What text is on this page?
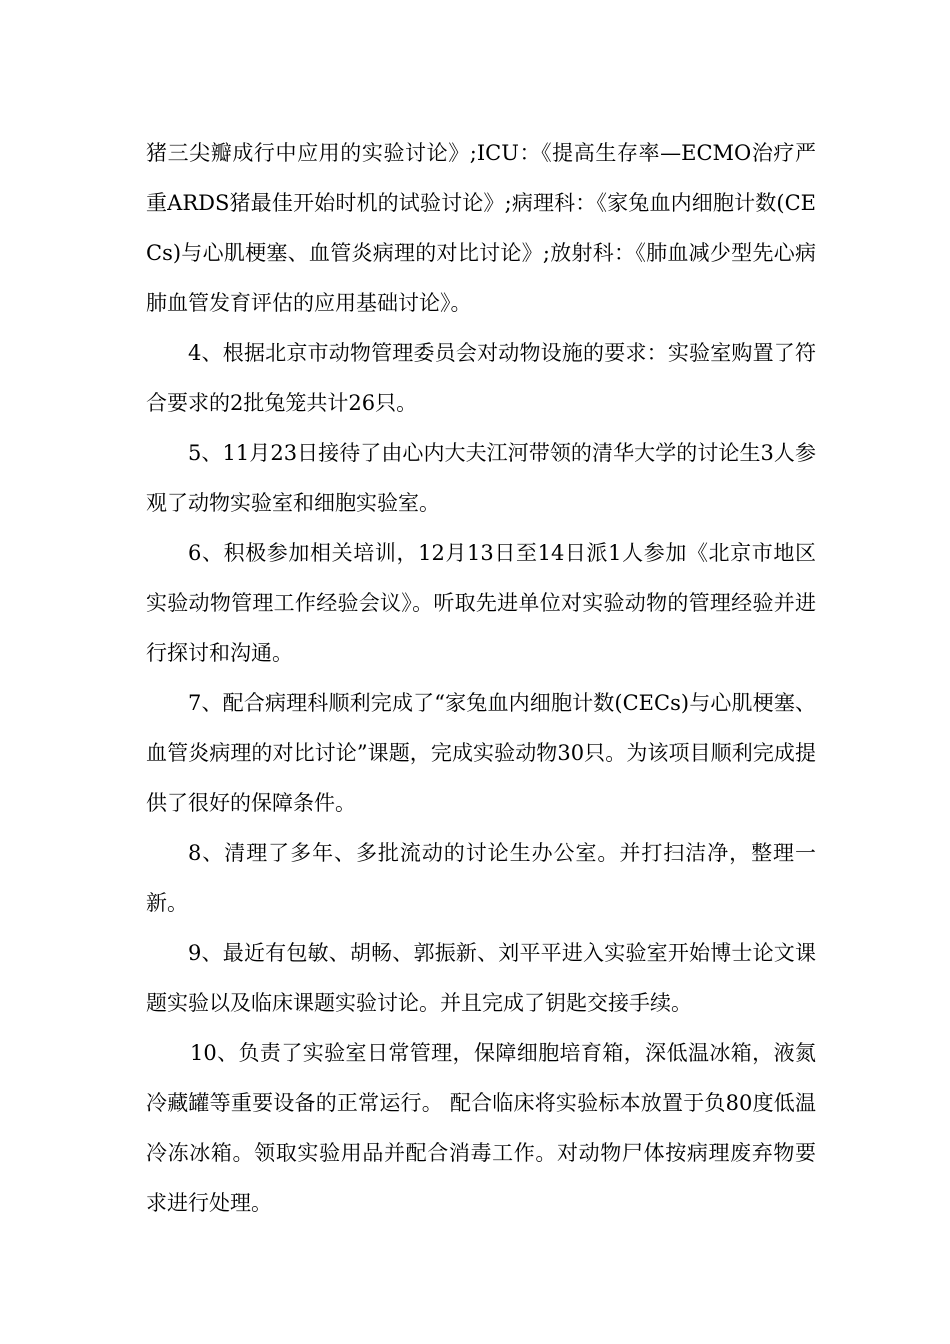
猪三尖瓣成行中应用的实验讨论》;ICU：《提高生存率—ECMO治疗严重ARDS猪最佳开始时机的试验讨论》;病理科：《家兔血内细胞计数(CECs)与心肌梗塞、血管炎病理的对比讨论》;放射科：《肺血减少型先心病肺血管发育评估的应用基础讨论》。

4、根据北京市动物管理委员会对动物设施的要求：实验室购置了符合要求的2批兔笼共计26只。

5、11月23日接待了由心内大夫江河带领的清华大学的讨论生3人参观了动物实验室和细胞实验室。

6、积极参加相关培训，12月13日至14日派1人参加《北京市地区实验动物管理工作经验会议》。听取先进单位对实验动物的管理经验并进行探讨和沟通。

7、配合病理科顺利完成了“家兔血内细胞计数(CECs)与心肌梗塞、血管炎病理的对比讨论”课题，完成实验动物30只。为该项目顺利完成提供了很好的保障条件。

8、清理了多年、多批流动的讨论生办公室。并打扫洁净，整理一新。

9、最近有包敏、胡畅、郭振新、刘平平进入实验室开始博士论文课题实验以及临床课题实验讨论。并且完成了钥匙交接手续。

10、负责了实验室日常管理，保障细胞培育箱，深低温冰箱，液氮冷藏罐等重要设备的正常运行。 配合临床将实验标本放置于负80度低温冷冻冰箱。领取实验用品并配合消毒工作。对动物尸体按病理废弃物要求进行处理。
